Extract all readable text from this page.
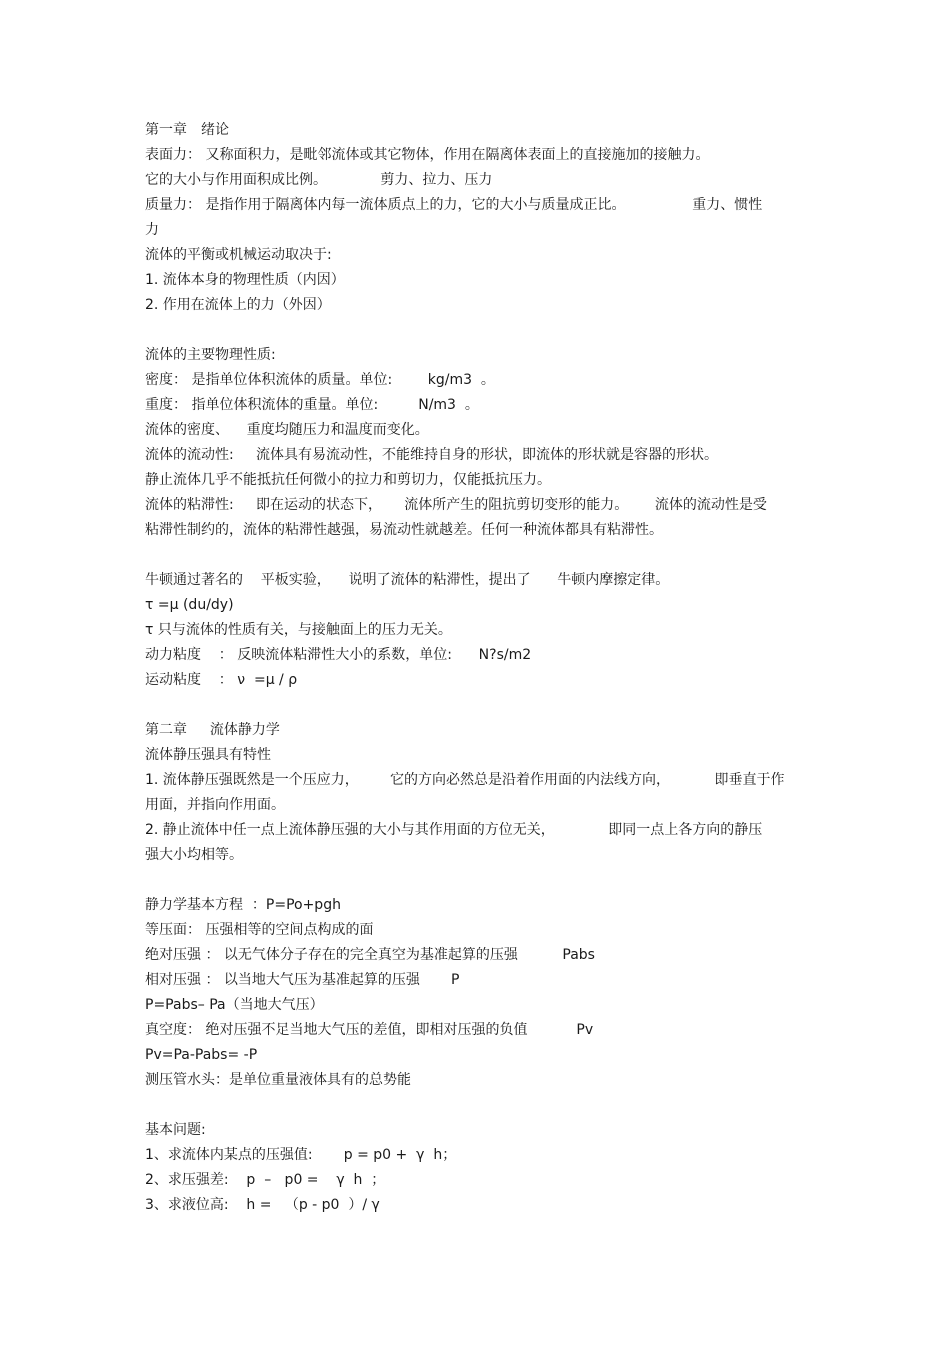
第一章　绪论
表面力： 又称面积力，是毗邻流体或其它物体，作用在隔离体表面上的直接施加的接触力。
它的大小与作用面积成比例。            剪力、拉力、压力
质量力： 是指作用于隔离体内每一流体质点上的力，它的大小与质量成正比。               重力、惯性
力
流体的平衡或机械运动取决于:
1. 流体本身的物理性质（内因）
2. 作用在流体上的力（外因）
流体的主要物理性质:
密度： 是指单位体积流体的质量。单位:        kg/m3  。
重度： 指单位体积流体的重量。单位:         N/m3  。
流体的密度、    重度均随压力和温度而变化。
流体的流动性:     流体具有易流动性，不能维持自身的形状，即流体的形状就是容器的形状。
静止流体几乎不能抵抗任何微小的拉力和剪切力，仅能抵抗压力。
流体的粘滞性:     即在运动的状态下，     流体所产生的阻抗剪切变形的能力。      流体的流动性是受
粘滞性制约的，流体的粘滞性越强，易流动性就越差。任何一种流体都具有粘滞性。
牛顿通过著名的    平板实验，    说明了流体的粘滞性，提出了      牛顿内摩擦定律。
τ =μ (du/dy)
τ 只与流体的性质有关，与接触面上的压力无关。
动力粘度    ： 反映流体粘滞性大小的系数，单位:      N?s/m2
运动粘度    ： ν  =μ / ρ
第二章　  流体静力学
流体静压强具有特性
1. 流体静压强既然是一个压应力，       它的方向必然总是沿着作用面的内法线方向，          即垂直于作
用面，并指向作用面。
2. 静止流体中任一点上流体静压强的大小与其作用面的方位无关，            即同一点上各方向的静压
强大小均相等。
静力学基本方程  ：P=Po+pgh
等压面： 压强相等的空间点构成的面
绝对压强 ： 以无气体分子存在的完全真空为基准起算的压强          Pabs
相对压强 ： 以当地大气压为基准起算的压强       P
P=Pabs– Pa（当地大气压）
真空度： 绝对压强不足当地大气压的差值，即相对压强的负值           Pv
Pv=Pa-Pabs= -P
测压管水头：是单位重量液体具有的总势能
基本问题:
1、求流体内某点的压强值:       p = p0 +  γ  h；
2、求压强差:    p  –   p0 =    γ  h  ；
3、求液位高:    h =   （p - p0  ）/ γ
